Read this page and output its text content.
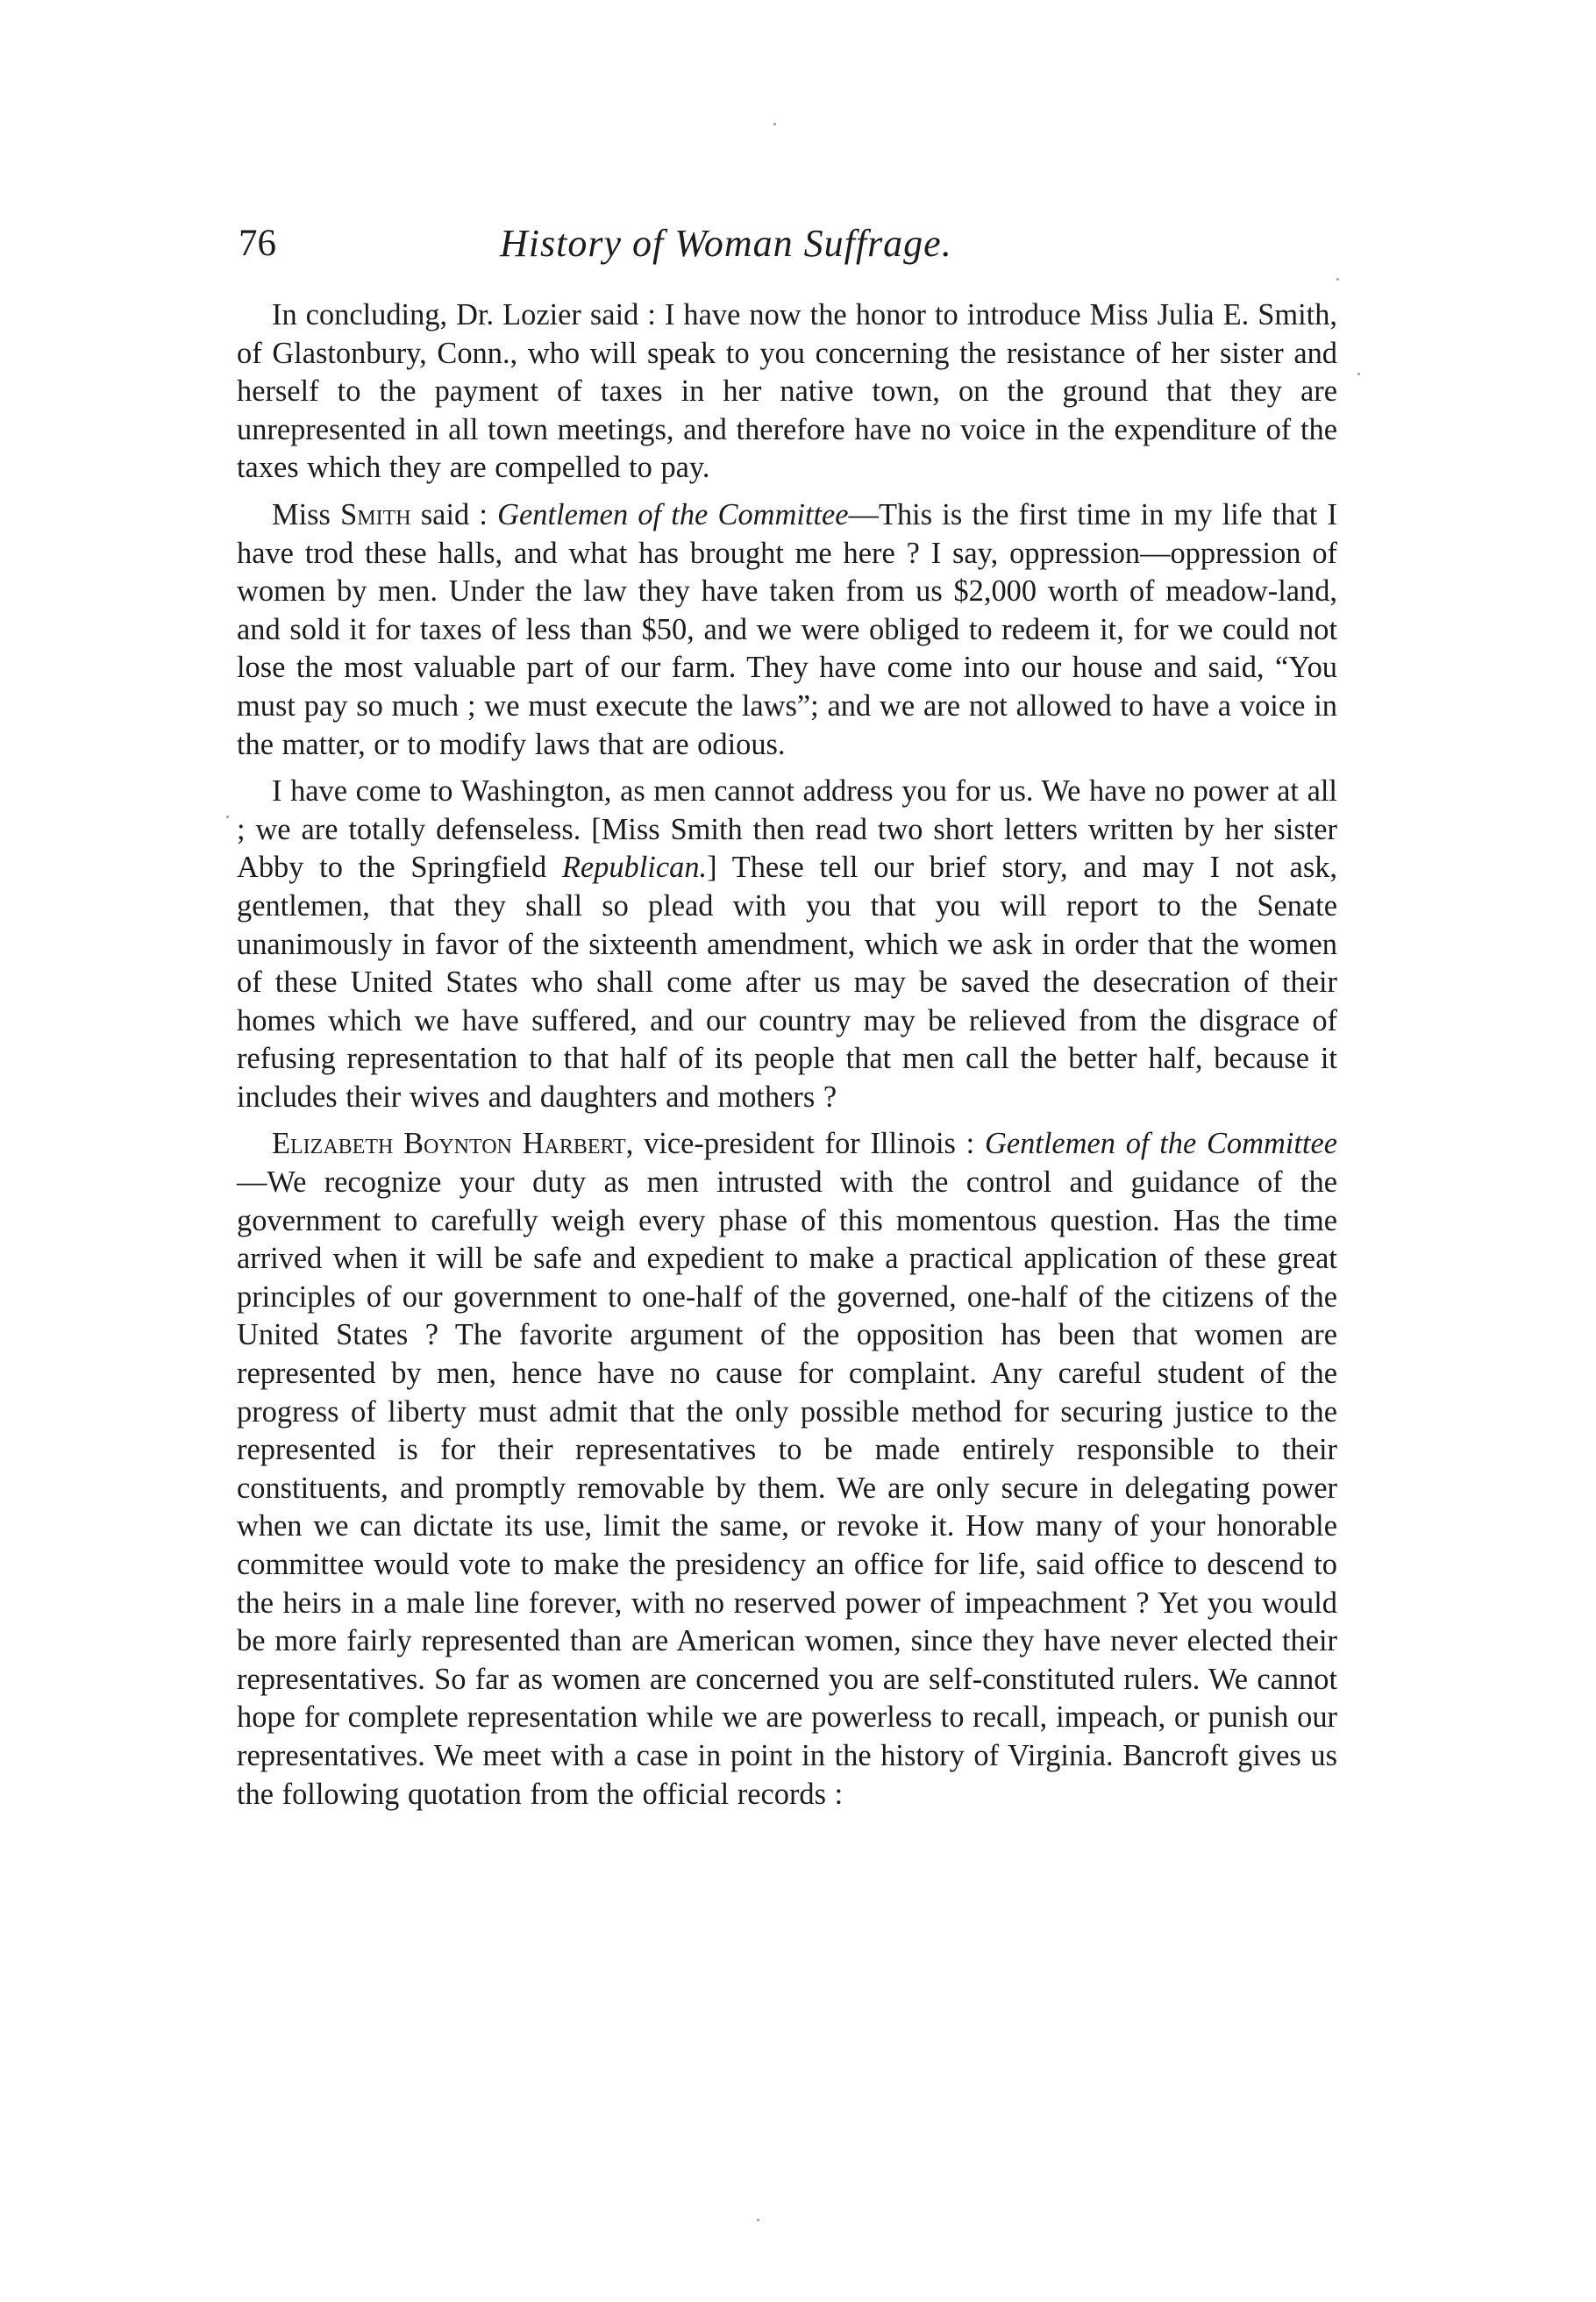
76	History of Woman Suffrage.

In concluding, Dr. Lozier said : I have now the honor to introduce Miss Julia E. Smith, of Glastonbury, Conn., who will speak to you concerning the resistance of her sister and herself to the payment of taxes in her native town, on the ground that they are unrepresented in all town meetings, and therefore have no voice in the expenditure of the taxes which they are compelled to pay.

Miss Smith said : Gentlemen of the Committee—This is the first time in my life that I have trod these halls, and what has brought me here ? I say, oppression—oppression of women by men. Under the law they have taken from us $2,000 worth of meadow-land, and sold it for taxes of less than $50, and we were obliged to redeem it, for we could not lose the most valuable part of our farm. They have come into our house and said, “You must pay so much ; we must execute the laws”; and we are not allowed to have a voice in the matter, or to modify laws that are odious.

I have come to Washington, as men cannot address you for us. We have no power at all ; we are totally defenseless. [Miss Smith then read two short letters written by her sister Abby to the Springfield Republican.] These tell our brief story, and may I not ask, gentlemen, that they shall so plead with you that you will report to the Senate unanimously in favor of the sixteenth amendment, which we ask in order that the women of these United States who shall come after us may be saved the desecration of their homes which we have suffered, and our country may be relieved from the disgrace of refusing representation to that half of its people that men call the better half, because it includes their wives and daughters and mothers ?

Elizabeth Boynton Harbert, vice-president for Illinois : Gentlemen of the Committee—We recognize your duty as men intrusted with the control and guidance of the government to carefully weigh every phase of this momentous question. Has the time arrived when it will be safe and expedient to make a practical application of these great principles of our government to one-half of the governed, one-half of the citizens of the United States ? The favorite argument of the opposition has been that women are represented by men, hence have no cause for complaint. Any careful student of the progress of liberty must admit that the only possible method for securing justice to the represented is for their representatives to be made entirely responsible to their constituents, and promptly removable by them. We are only secure in delegating power when we can dictate its use, limit the same, or revoke it. How many of your honorable committee would vote to make the presidency an office for life, said office to descend to the heirs in a male line forever, with no reserved power of impeachment ? Yet you would be more fairly represented than are American women, since they have never elected their representatives. So far as women are concerned you are self-constituted rulers. We cannot hope for complete representation while we are powerless to recall, impeach, or punish our representatives. We meet with a case in point in the history of Virginia. Bancroft gives us the following quotation from the official records :
